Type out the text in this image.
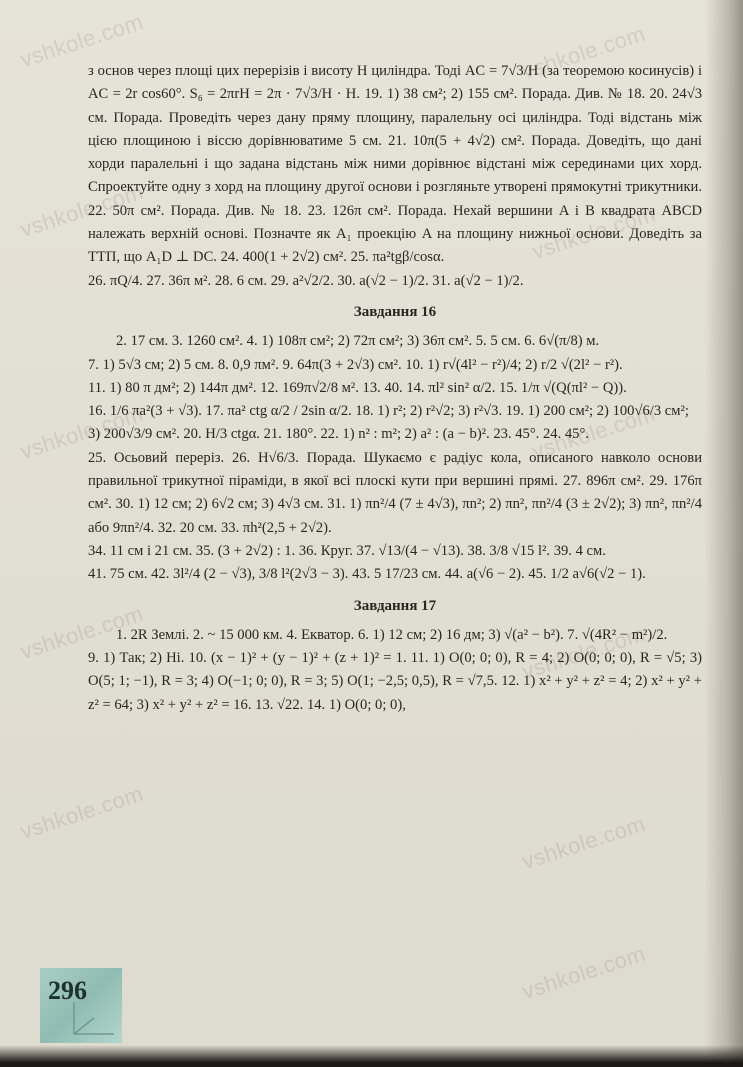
vshkole.com	vshkole.com
vshkole.com	vshkole.com
vshkole.com	vshkole.com
vshkole.com	vshkole.com
vshkole.com	vshkole.com
vshkole.com

з основ через площі цих перерізів і висоту H циліндра. Тоді AC = 7√3/H (за теоремою косинусів) і AC = 2r cos60°. S₆ = 2πrH = 2π · 7√3/H · H. 19. 1) 38 см²; 2) 155 см². Порада. Див. № 18. 20. 24√3 см. Порада. Проведіть через дану пряму площину, паралельну осі циліндра. Тоді відстань між цією площиною і віссю дорівнюватиме 5 см. 21. 10π(5 + 4√2) см². Порада. Доведіть, що дані хорди паралельні і що задана відстань між ними дорівнює відстані між серединами цих хорд. Спроектуйте одну з хорд на площину другої основи і розгляньте утворені прямокутні трикутники. 22. 50π см². Порада. Див. № 18. 23. 126π см². Порада. Нехай вершини A і B квадрата ABCD належать верхній основі. Позначте як A₁ проекцію A на площину нижньої основи. Доведіть за ТТП, що A₁D ⊥ DC. 24. 400(1 + 2√2) см². 25. πa²tgβ/cosα.

26. πQ/4. 27. 36π м². 28. 6 см. 29. a²√2/2. 30. a(√2 − 1)/2. 31. a(√2 − 1)/2.

Завдання 16

2. 17 см. 3. 1260 см². 4. 1) 108π см²; 2) 72π см²; 3) 36π см². 5. 5 см. 6. 6√(π/8) м.

7. 1) 5√3 см; 2) 5 см. 8. 0,9 πм². 9. 64π(3 + 2√3) см². 10. 1) r√(4l² − r²)/4; 2) r/2 √(2l² − r²).

11. 1) 80 π дм²; 2) 144π дм². 12. 169π√2/8 м². 13. 40. 14. πl² sin² α/2. 15. 1/π √(Q(πl² − Q)).

16. 1/6 πa²(3 + √3). 17. πa² ctg α/2 / 2sin α/2. 18. 1) r²; 2) r²√2; 3) r²√3. 19. 1) 200 см²; 2) 100√6/3 см²;

3) 200√3/9 см². 20. H/3 ctgα. 21. 180°. 22. 1) n² : m²; 2) a² : (a − b)². 23. 45°. 24. 45°.

25. Осьовий переріз. 26. H√6/3. Порада. Шукаємо є радіус кола, описаного навколо основи правильної трикутної піраміди, в якої всі плоскі кути при вершині прямі. 27. 896π см². 29. 176π см². 30. 1) 12 см; 2) 6√2 см; 3) 4√3 см. 31. 1) πn²/4 (7 ± 4√3), πn²; 2) πn², πn²/4 (3 ± 2√2); 3) πn², πn²/4 або 9πn²/4. 32. 20 см. 33. πh²(2,5 + 2√2).

34. 11 см і 21 см. 35. (3 + 2√2) : 1. 36. Круг. 37. √13/(4 − √13). 38. 3/8 √15 l². 39. 4 см.

41. 75 см. 42. 3l²/4 (2 − √3), 3/8 l²(2√3 − 3). 43. 5 17/23 см. 44. a(√6 − 2). 45. 1/2 a√6(√2 − 1).

Завдання 17

1. 2R Землі. 2. ~ 15 000 км. 4. Екватор. 6. 1) 12 см; 2) 16 дм; 3) √(a² − b²). 7. √(4R² − m²)/2.

9. 1) Так; 2) Ні. 10. (x − 1)² + (y − 1)² + (z + 1)² = 1. 11. 1) O(0; 0; 0), R = 4; 2) O(0; 0; 0), R = √5; 3) O(5; 1; −1), R = 3; 4) O(−1; 0; 0), R = 3; 5) O(1; −2,5; 0,5), R = √7,5. 12. 1) x² + y² + z² = 4; 2) x² + y² + z² = 64; 3) x² + y² + z² = 16. 13. √22. 14. 1) O(0; 0; 0),

296
